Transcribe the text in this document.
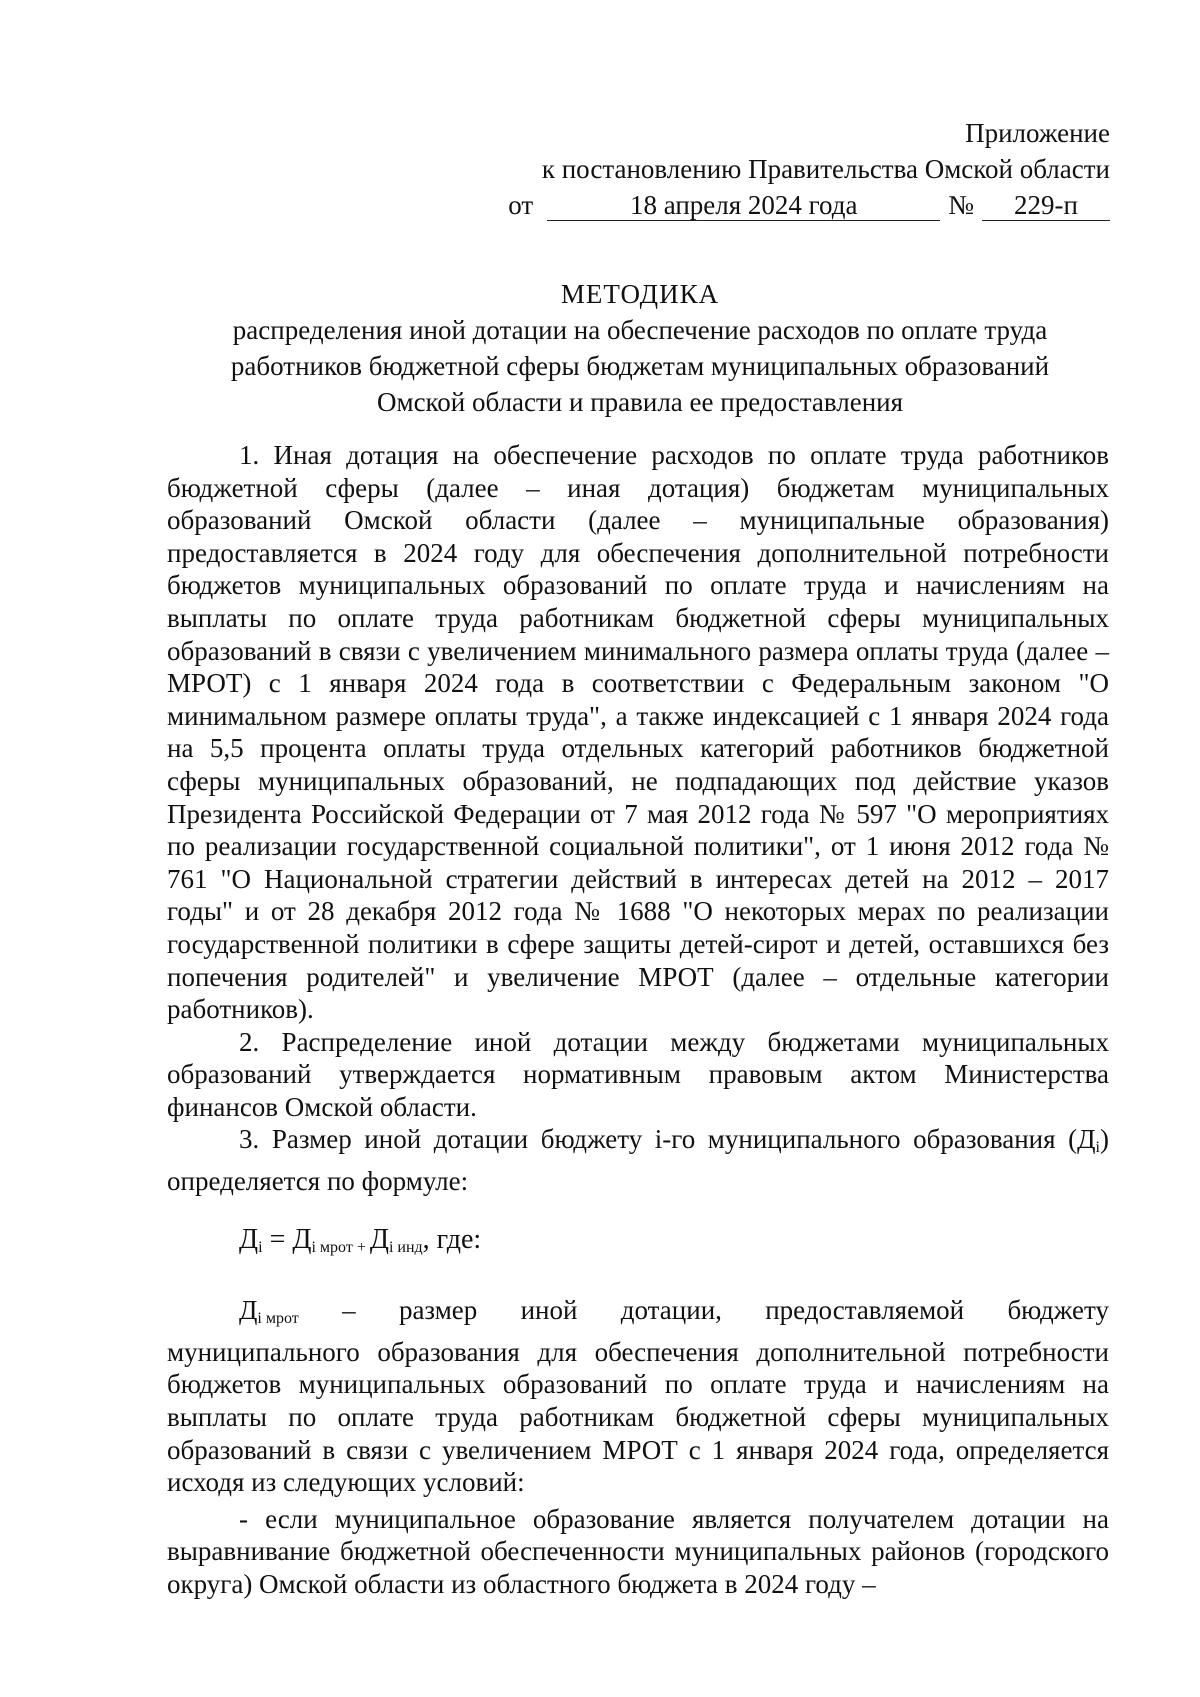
Приложение
к постановлению Правительства Омской области
от	18 апреля 2024 года	№	229-п
МЕТОДИКА
распределения иной дотации на обеспечение расходов по оплате труда
работников бюджетной сферы бюджетам муниципальных образований
Омской области и правила ее предоставления

1. Иная дотация на обеспечение расходов по оплате труда работников бюджетной сферы (далее – иная дотация) бюджетам муниципальных образований Омской области (далее – муниципальные образования) предоставляется в 2024 году для обеспечения дополнительной потребности бюджетов муниципальных образований по оплате труда и начислениям на выплаты по оплате труда работникам бюджетной сферы муниципальных образований в связи с увеличением минимального размера оплаты труда (далее – МРОТ) с 1 января 2024 года в соответствии с Федеральным законом "О минимальном размере оплаты труда", а также индексацией с 1 января 2024 года на 5,5 процента оплаты труда отдельных категорий работников бюджетной сферы муниципальных образований, не подпадающих под действие указов Президента Российской Федерации от 7 мая 2012 года № 597 "О мероприятиях по реализации государственной социальной политики", от 1 июня 2012 года № 761 "О Национальной стратегии действий в интересах детей на 2012 – 2017 годы" и от 28 декабря 2012 года № 1688 "О некоторых мерах по реализации государственной политики в сфере защиты детей-сирот и детей, оставшихся без попечения родителей" и увеличение МРОТ (далее – отдельные категории работников).

2. Распределение иной дотации между бюджетами муниципальных образований утверждается нормативным правовым актом Министерства финансов Омской области.

3. Размер иной дотации бюджету i-го муниципального образования $(Д_i)$ определяется по формуле:

$Д_i = Д_{i мрот}$ $_+$ $Д_{i инд}$, где:
$Д_{i мрот}$ – размер иной дотации, предоставляемой бюджету

муниципального образования для обеспечения дополнительной потребности бюджетов муниципальных образований по оплате труда и начислениям на выплаты по оплате труда работникам бюджетной сферы муниципальных образований в связи с увеличением МРОТ с 1 января 2024 года, определяется исходя из следующих условий:

- если муниципальное образование является получателем дотации на выравнивание бюджетной обеспеченности муниципальных районов (городского округа) Омской области из областного бюджета в 2024 году –
